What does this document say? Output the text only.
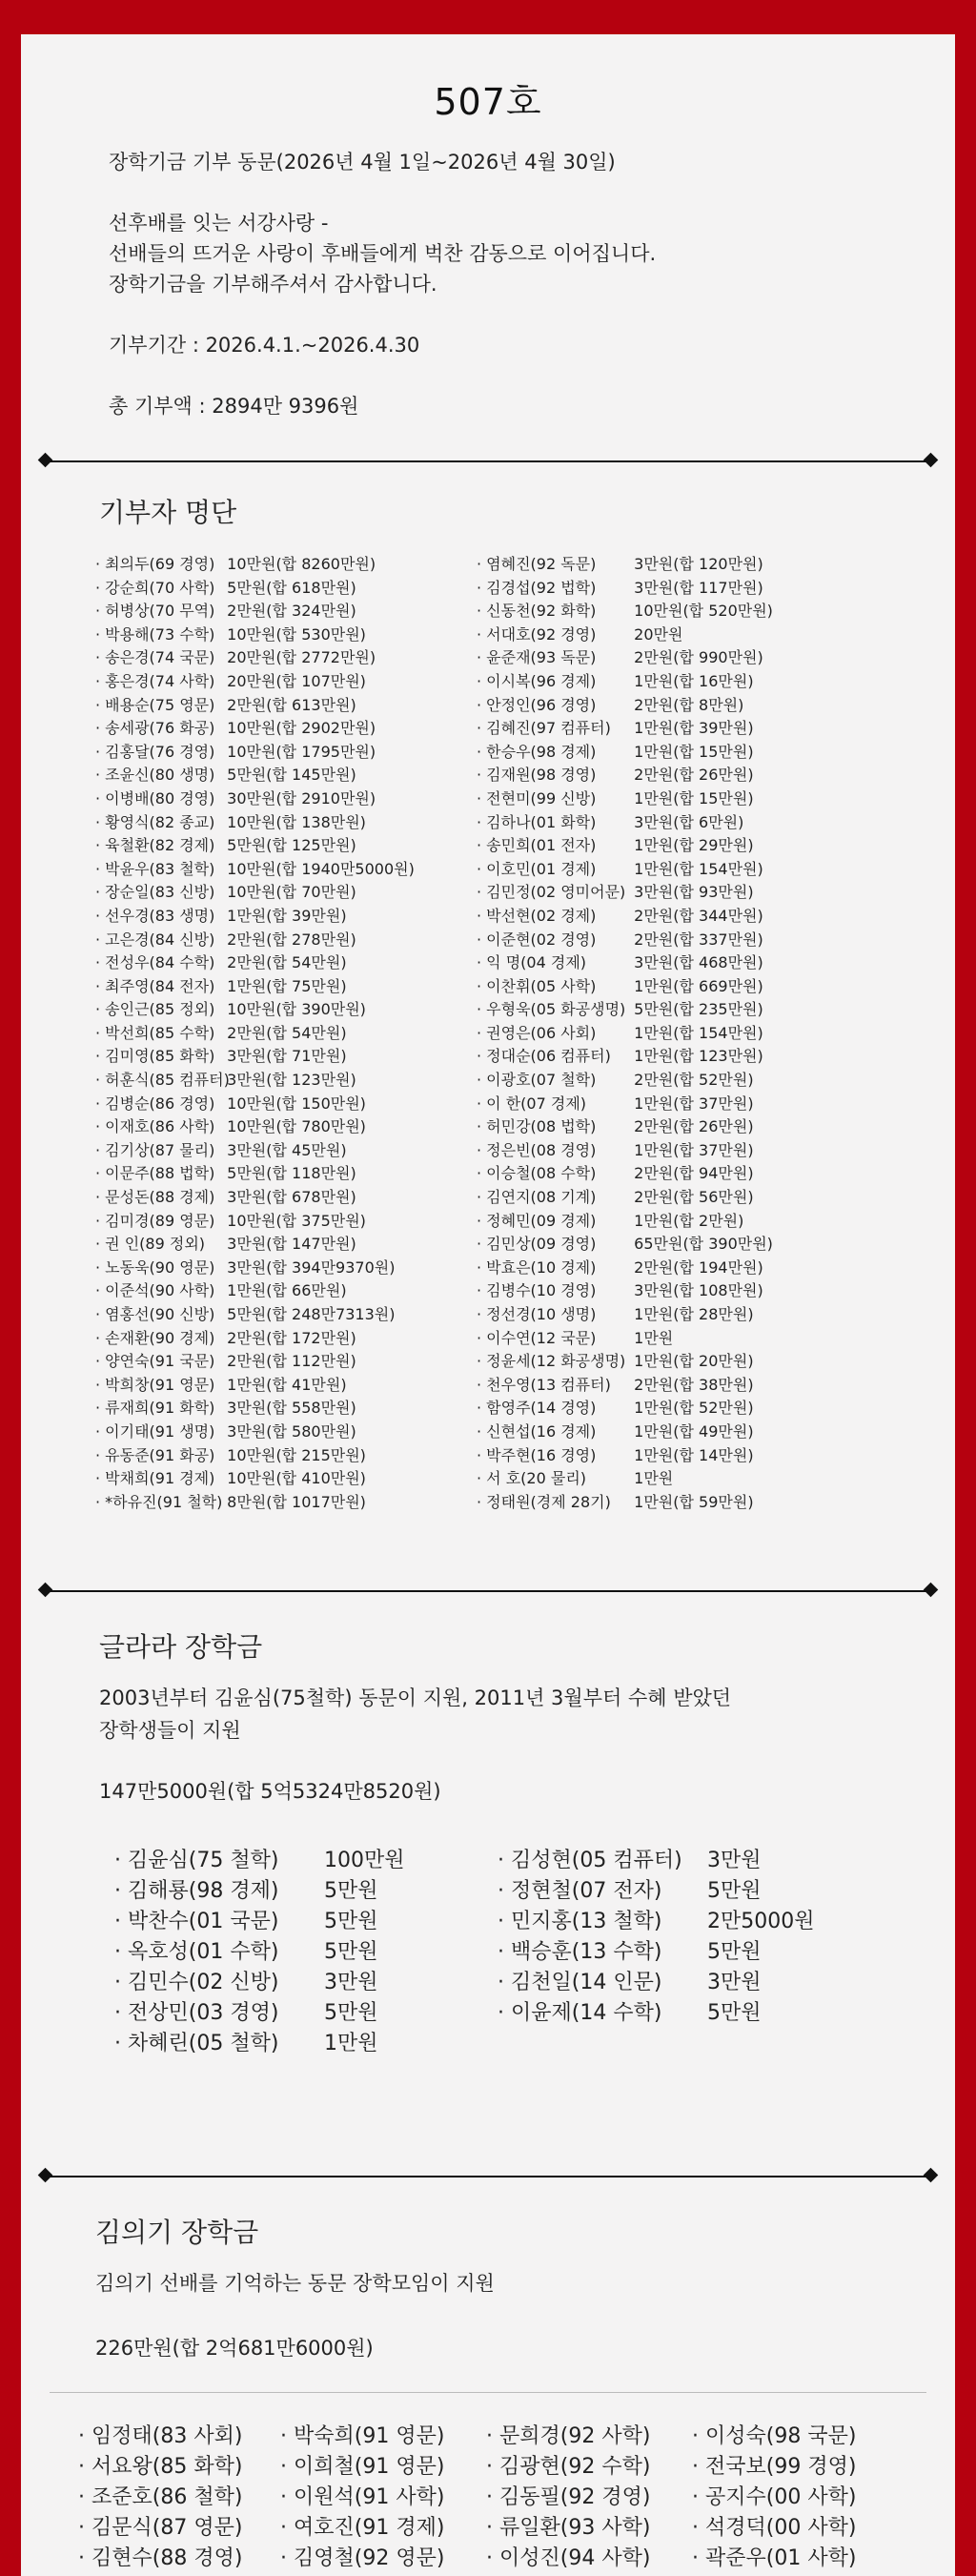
507호

장학기금 기부 동문(2026년 4월 1일~2026년 4월 30일)

선후배를 잇는 서강사랑 -

선배들의 뜨거운 사랑이 후배들에게 벅찬 감동으로 이어집니다.

장학기금을 기부해주셔서 감사합니다.

기부기간 : 2026.4.1.~2026.4.30

총 기부액 : 2894만 9396원

기부자 명단
· 최의두(69 경영) 10만원(합 8260만원)
· 강순희(70 사학) 5만원(합 618만원)
· 허병상(70 무역) 2만원(합 324만원)
· 박용해(73 수학) 10만원(합 530만원)
· 송은경(74 국문) 20만원(합 2772만원)
· 홍은경(74 사학) 20만원(합 107만원)
· 배용순(75 영문) 2만원(합 613만원)
· 송세광(76 화공) 10만원(합 2902만원)
· 김홍달(76 경영) 10만원(합 1795만원)
· 조윤신(80 생명) 5만원(합 145만원)
· 이병배(80 경영) 30만원(합 2910만원)
· 황영식(82 종교) 10만원(합 138만원)
· 육철환(82 경제) 5만원(합 125만원)
· 박윤우(83 철학) 10만원(합 1940만5000원)
· 장순일(83 신방) 10만원(합 70만원)
· 선우경(83 생명) 1만원(합 39만원)
· 고은경(84 신방) 2만원(합 278만원)
· 전성우(84 수학) 2만원(합 54만원)
· 최주영(84 전자) 1만원(합 75만원)
· 송인근(85 정외) 10만원(합 390만원)
· 박선희(85 수학) 2만원(합 54만원)
· 김미영(85 화학) 3만원(합 71만원)
· 허훈식(85 컴퓨터)3만원(합 123만원)
· 김병순(86 경영) 10만원(합 150만원)
· 이재호(86 사학) 10만원(합 780만원)
· 김기상(87 물리) 3만원(합 45만원)
· 이문주(88 법학) 5만원(합 118만원)
· 문성돈(88 경제) 3만원(합 678만원)
· 김미경(89 영문) 10만원(합 375만원)
· 권 인(89 정외) 3만원(합 147만원)
· 노동욱(90 영문) 3만원(합 394만9370원)
· 이준석(90 사학) 1만원(합 66만원)
· 염홍선(90 신방) 5만원(합 248만7313원)
· 손재환(90 경제) 2만원(합 172만원)
· 양연숙(91 국문) 2만원(합 112만원)
· 박희창(91 영문) 1만원(합 41만원)
· 류재희(91 화학) 3만원(합 558만원)
· 이기태(91 생명) 3만원(합 580만원)
· 유동준(91 화공) 10만원(합 215만원)
· 박채희(91 경제) 10만원(합 410만원)
· *하유진(91 철학) 8만원(합 1017만원)
· 염혜진(92 독문) 3만원(합 120만원)
· 김경섭(92 법학) 3만원(합 117만원)
· 신동천(92 화학) 10만원(합 520만원)
· 서대호(92 경영) 20만원
· 윤준재(93 독문) 2만원(합 990만원)
· 이시복(96 경제) 1만원(합 16만원)
· 안정인(96 경영) 2만원(합 8만원)
· 김혜진(97 컴퓨터) 1만원(합 39만원)
· 한승우(98 경제) 1만원(합 15만원)
· 김재원(98 경영) 2만원(합 26만원)
· 전현미(99 신방) 1만원(합 15만원)
· 김하나(01 화학) 3만원(합 6만원)
· 송민희(01 전자) 1만원(합 29만원)
· 이호민(01 경제) 1만원(합 154만원)
· 김민정(02 영미어문) 3만원(합 93만원)
· 박선현(02 경제) 2만원(합 344만원)
· 이준현(02 경영) 2만원(합 337만원)
· 익 명(04 경제)	3만원(합 468만원)
· 이찬휘(05 사학) 1만원(합 669만원)
· 우형욱(05 화공생명) 5만원(합 235만원)
· 권영은(06 사회) 1만원(합 154만원)
· 정대순(06 컴퓨터) 1만원(합 123만원)
· 이광호(07 철학) 2만원(합 52만원)
· 이 한(07 경제)	1만원(합 37만원)
· 허민강(08 법학) 2만원(합 26만원)
· 정은빈(08 경영) 1만원(합 37만원)
· 이승철(08 수학) 2만원(합 94만원)
· 김연지(08 기계) 2만원(합 56만원)
· 정혜민(09 경제) 1만원(합 2만원)
· 김민상(09 경영) 65만원(합 390만원)
· 박효은(10 경제) 2만원(합 194만원)
· 김병수(10 경영) 3만원(합 108만원)
· 정선경(10 생명) 1만원(합 28만원)
· 이수연(12 국문) 1만원
· 정윤세(12 화공생명) 1만원(합 20만원)
· 천우영(13 컴퓨터) 2만원(합 38만원)
· 함영주(14 경영) 1만원(합 52만원)
· 신현섭(16 경제) 1만원(합 49만원)
· 박주현(16 경영) 1만원(합 14만원)
· 서 호(20 물리)	1만원
· 정태원(경제 28기) 1만원(합 59만원)
글라라 장학금
2003년부터 김윤심(75철학) 동문이 지원, 2011년 3월부터 수혜 받았던
장학생들이 지원
147만5000원(합 5억5324만8520원)
· 김윤심(75 철학) 100만원
· 김해룡(98 경제) 5만원
· 박찬수(01 국문) 5만원
· 옥호성(01 수학) 5만원
· 김민수(02 신방) 3만원
· 전상민(03 경영) 5만원
· 차혜린(05 철학) 1만원
· 김성현(05 컴퓨터) 3만원
· 정현철(07 전자) 5만원
· 민지홍(13 철학) 2만5000원
· 백승훈(13 수학) 5만원
· 김천일(14 인문) 3만원
· 이윤제(14 수학) 5만원
김의기 장학금
김의기 선배를 기억하는 동문 장학모임이 지원
226만원(합 2억681만6000원)
· 임정태(83 사회)
· 서요왕(85 화학)
· 조준호(86 철학)
· 김문식(87 영문)
· 김현수(88 경영)
· 박숙희(91 영문)
· 이희철(91 영문)
· 이원석(91 사학)
· 여호진(91 경제)
· 김영철(92 영문)
· 문희경(92 사학)
· 김광현(92 수학)
· 김동필(92 경영)
· 류일환(93 사학)
· 이성진(94 사학)
· 이성숙(98 국문)
· 전국보(99 경영)
· 공지수(00 사학)
· 석경덕(00 사학)
· 곽준우(01 사학)
